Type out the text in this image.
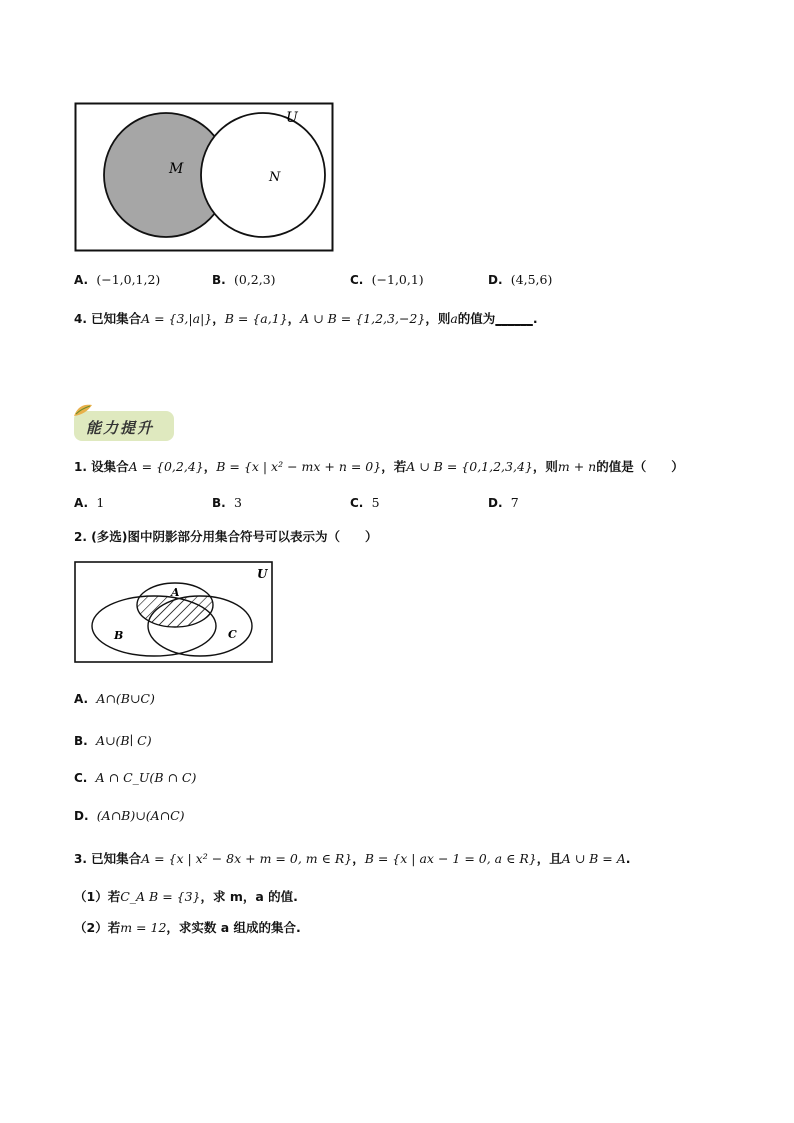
U
M
N
A. (−1,0,1,2)	B. (0,2,3)	C. (−1,0,1)	D. (4,5,6)
4. 已知集合A = {3,|a|}，B = {a,1}，A ∪ B = {1,2,3,−2}，则a的值为______.
能力提升
1. 设集合A = {0,2,4}，B = {x | x² − mx + n = 0}，若A ∪ B = {0,1,2,3,4}，则m + n的值是（　　）
A. 1	B. 3	C. 5	D. 7
2. (多选)图中阴影部分用集合符号可以表示为（　　）
U
A
B	C
A. A∩(B∪C)
B. A∪(B∣ C)
C. A ∩ C_U(B ∩ C)
D. (A∩B)∪(A∩C)
3. 已知集合A = {x | x² − 8x + m = 0, m ∈ R}，B = {x | ax − 1 = 0, a ∈ R}，且A ∪ B = A.
（1）若C_A B = {3}，求 m，a 的值.
（2）若m = 12，求实数 a 组成的集合.
